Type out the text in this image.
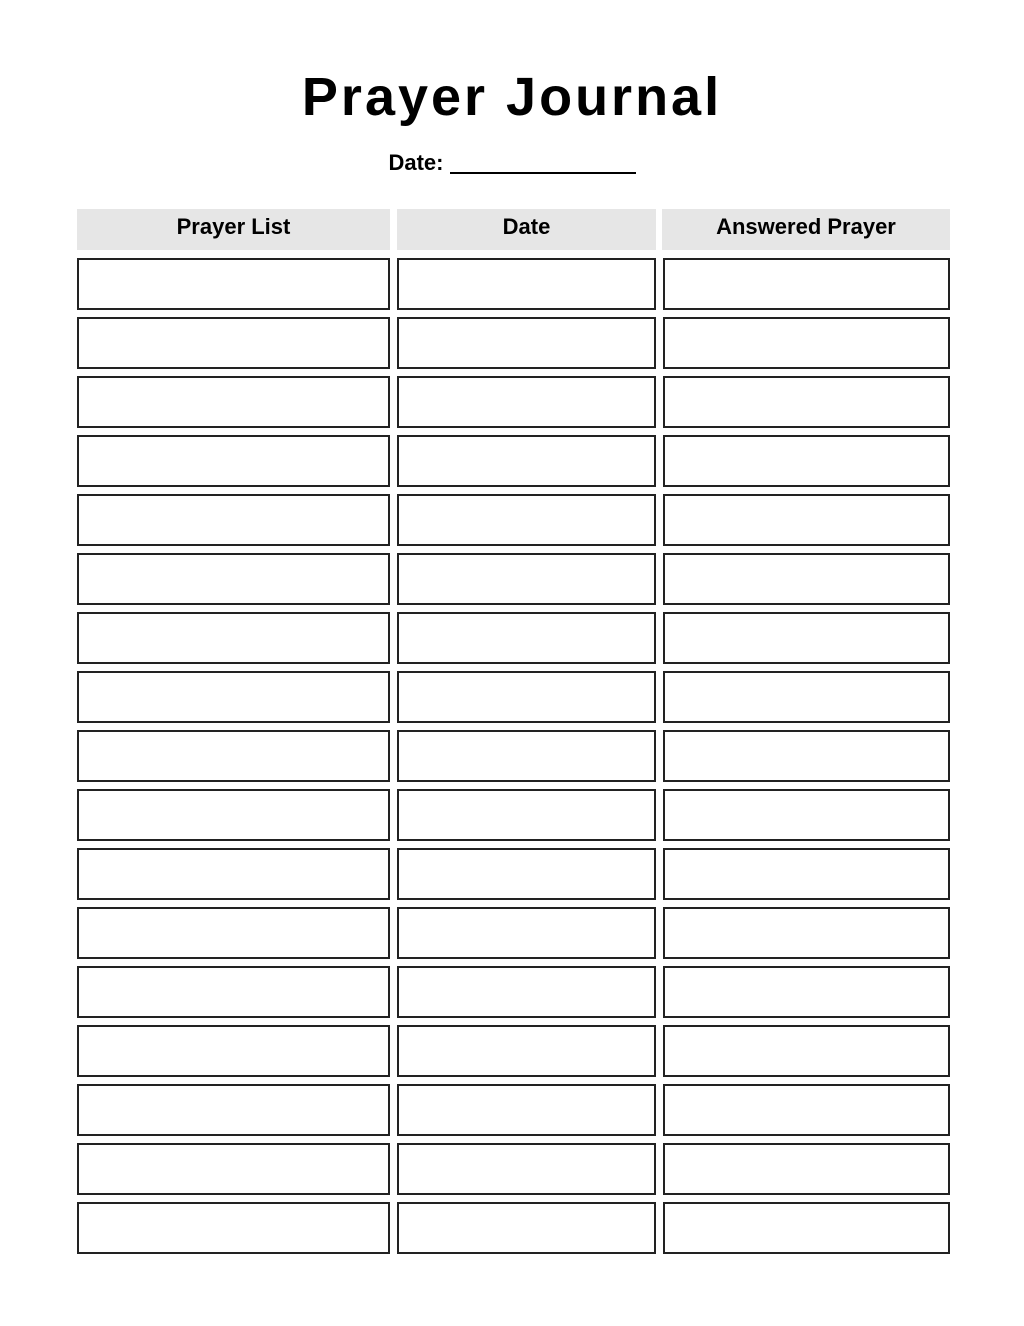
Prayer Journal
Date:
Prayer List	Date	Answered Prayer
